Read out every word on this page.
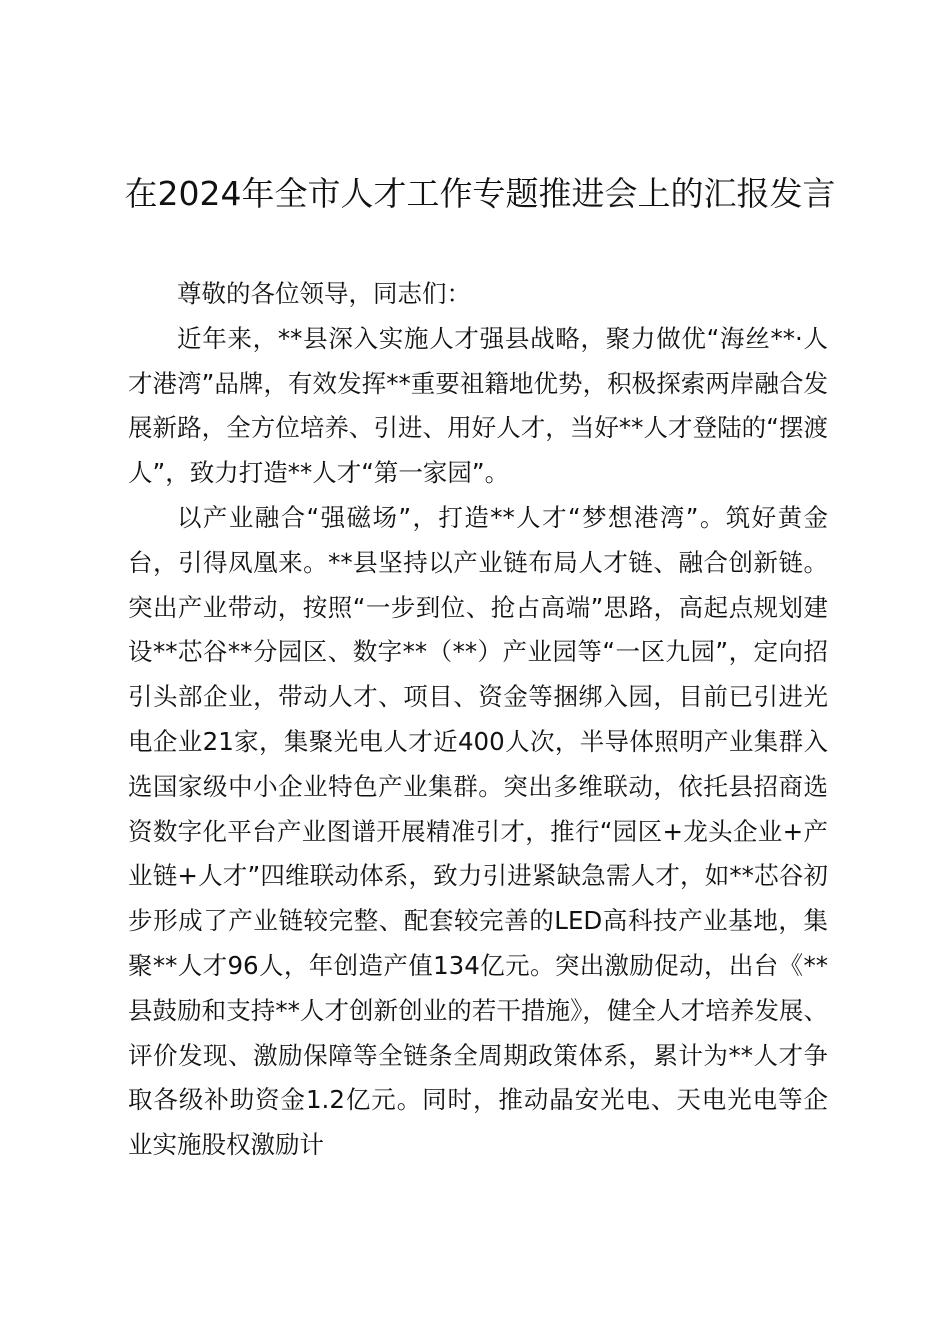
在2024年全市人才工作专题推进会上的汇报发言

尊敬的各位领导，同志们：

近年来，**县深入实施人才强县战略，聚力做优“海丝**·人才港湾”品牌，有效发挥**重要祖籍地优势，积极探索两岸融合发展新路，全方位培养、引进、用好人才，当好**人才登陆的“摆渡人”，致力打造**人才“第一家园”。

以产业融合“强磁场”，打造**人才“梦想港湾”。筑好黄金台，引得凤凰来。**县坚持以产业链布局人才链、融合创新链。突出产业带动，按照“一步到位、抢占高端”思路，高起点规划建设**芯谷**分园区、数字**（**）产业园等“一区九园”，定向招引头部企业，带动人才、项目、资金等捆绑入园，目前已引进光电企业21家，集聚光电人才近400人次，半导体照明产业集群入选国家级中小企业特色产业集群。突出多维联动，依托县招商选资数字化平台产业图谱开展精准引才，推行“园区+龙头企业+产业链+人才”四维联动体系，致力引进紧缺急需人才，如**芯谷初步形成了产业链较完整、配套较完善的LED高科技产业基地，集聚**人才96人，年创造产值134亿元。突出激励促动，出台《**县鼓励和支持**人才创新创业的若干措施》，健全人才培养发展、评价发现、激励保障等全链条全周期政策体系，累计为**人才争取各级补助资金1.2亿元。同时，推动晶安光电、天电光电等企业实施股权激励计
